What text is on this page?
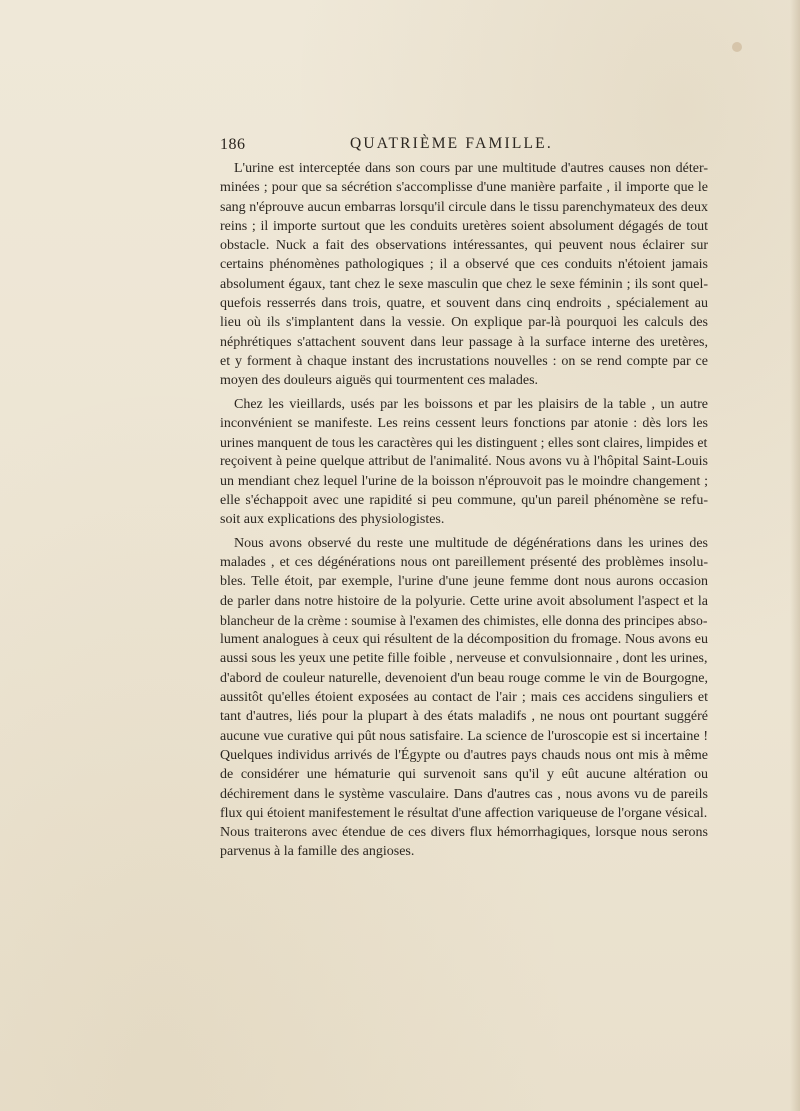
186	QUATRIÈME FAMILLE.
L'urine est interceptée dans son cours par une multitude d'autres causes non déter-
minées ; pour que sa sécrétion s'accomplisse d'une manière parfaite , il importe que le
sang n'éprouve aucun embarras lorsqu'il circule dans le tissu parenchymateux des deux
reins ; il importe surtout que les conduits uretères soient absolument dégagés de tout
obstacle. Nuck a fait des observations intéressantes, qui peuvent nous éclairer sur
certains phénomènes pathologiques ; il a observé que ces conduits n'étoient jamais
absolument égaux, tant chez le sexe masculin que chez le sexe féminin ; ils sont quel-
quefois resserrés dans trois, quatre, et souvent dans cinq endroits , spécialement au
lieu où ils s'implantent dans la vessie. On explique par-là pourquoi les calculs des
néphrétiques s'attachent souvent dans leur passage à la surface interne des uretères,
et y forment à chaque instant des incrustations nouvelles : on se rend compte par ce
moyen des douleurs aiguës qui tourmentent ces malades.
Chez les vieillards, usés par les boissons et par les plaisirs de la table , un autre
inconvénient se manifeste. Les reins cessent leurs fonctions par atonie : dès lors les
urines manquent de tous les caractères qui les distinguent ; elles sont claires, limpides et
reçoivent à peine quelque attribut de l'animalité. Nous avons vu à l'hôpital Saint-Louis
un mendiant chez lequel l'urine de la boisson n'éprouvoit pas le moindre changement ;
elle s'échappoit avec une rapidité si peu commune, qu'un pareil phénomène se refu-
soit aux explications des physiologistes.
Nous avons observé du reste une multitude de dégénérations dans les urines des
malades , et ces dégénérations nous ont pareillement présenté des problèmes insolu-
bles. Telle étoit, par exemple, l'urine d'une jeune femme dont nous aurons occasion
de parler dans notre histoire de la polyurie. Cette urine avoit absolument l'aspect et la
blancheur de la crème : soumise à l'examen des chimistes, elle donna des principes abso-
lument analogues à ceux qui résultent de la décomposition du fromage. Nous avons eu
aussi sous les yeux une petite fille foible , nerveuse et convulsionnaire , dont les urines,
d'abord de couleur naturelle, devenoient d'un beau rouge comme le vin de Bourgogne,
aussitôt qu'elles étoient exposées au contact de l'air ; mais ces accidens singuliers et
tant d'autres, liés pour la plupart à des états maladifs , ne nous ont pourtant suggéré
aucune vue curative qui pût nous satisfaire. La science de l'uroscopie est si incertaine !
Quelques individus arrivés de l'Égypte ou d'autres pays chauds nous ont mis à même
de considérer une hématurie qui survenoit sans qu'il y eût aucune altération ou
déchirement dans le système vasculaire. Dans d'autres cas , nous avons vu de pareils
flux qui étoient manifestement le résultat d'une affection variqueuse de l'organe vésical.
Nous traiterons avec étendue de ces divers flux hémorrhagiques, lorsque nous serons
parvenus à la famille des angioses.
